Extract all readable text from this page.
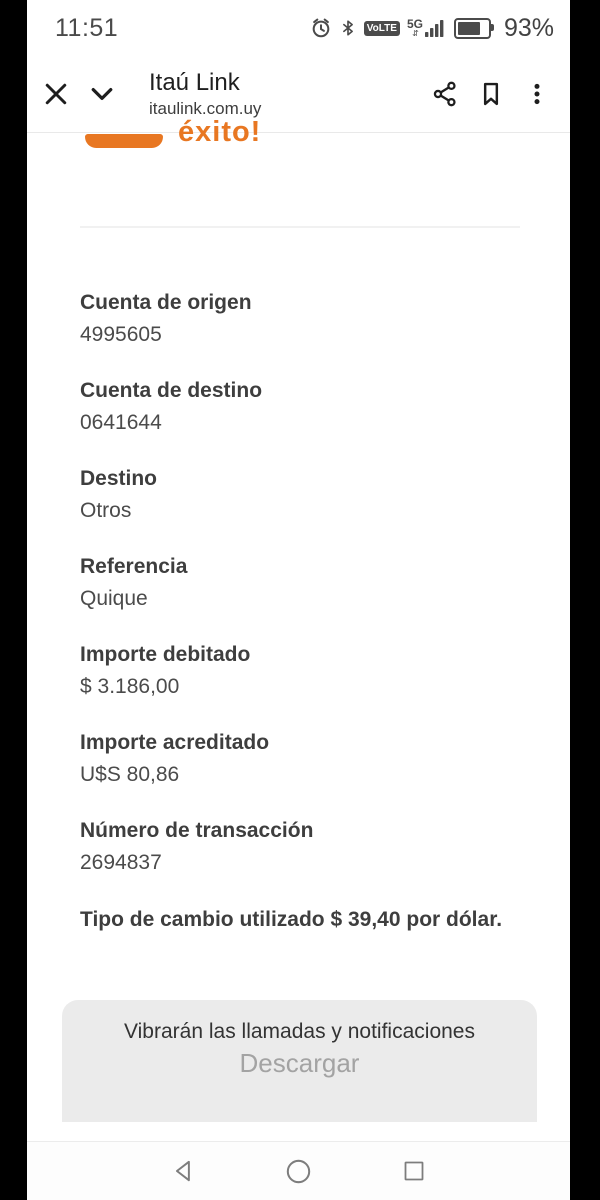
11:51	VoLTE 5G
⇵	93%
Itaú Link
itaulink.com.uy
éxito!
Cuenta de origen
4995605
Cuenta de destino
0641644
Destino
Otros
Referencia
Quique
Importe debitado
$ 3.186,00
Importe acreditado
U$S 80,86
Número de transacción
2694837
Tipo de cambio utilizado $ 39,40 por dólar.
Vibrarán las llamadas y notificaciones
Descargar
